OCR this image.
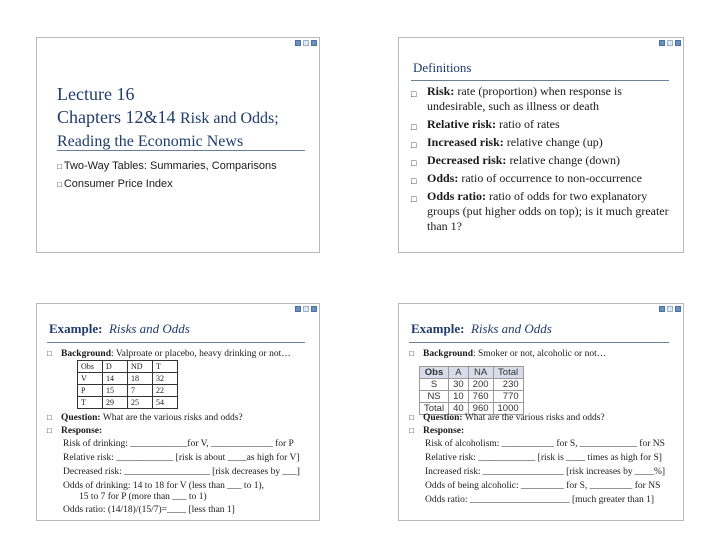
Lecture 16
Chapters 12&14 Risk and Odds;
Reading the Economic News
□ Two-Way Tables: Summaries, Comparisons
□ Consumer Price Index
Definitions
□ Risk: rate (proportion) when response is undesirable, such as illness or death
□ Relative risk: ratio of rates
□ Increased risk: relative change (up)
□ Decreased risk: relative change (down)
□ Odds: ratio of occurrence to non-occurrence
□ Odds ratio: ratio of odds for two explanatory groups (put higher odds on top); is it much greater than 1?
Example: Risks and Odds
□ Background: Valproate or placebo, heavy drinking or not…
Obs	D	ND	T
V	14	18	32
P	15	7	22
T	29	25	54
□ Question: What are the various risks and odds?
□ Response:
Risk of drinking: ____________for V, _____________ for P
Relative risk: ____________ [risk is about ____as high for V]
Decreased risk: __________________ [risk decreases by ___]
Odds of drinking: 14 to 18 for V (less than ___ to 1),
15 to 7 for P (more than ___ to 1)
Odds ratio: (14/18)/(15/7)=____ [less than 1]
Example: Risks and Odds
□ Background: Smoker or not, alcoholic or not…
Obs	A	NA	Total
S	30	200	230
NS	10	760	770
Total	40	960	1000
□ Question: What are the various risks and odds?
□ Response:
Risk of alcoholism: ___________ for S, ____________ for NS
Relative risk: ____________ [risk is ____ times as high for S]
Increased risk: _________________ [risk increases by ____%]
Odds of being alcoholic: _________ for S, _________ for NS
Odds ratio: _____________________ [much greater than 1]
